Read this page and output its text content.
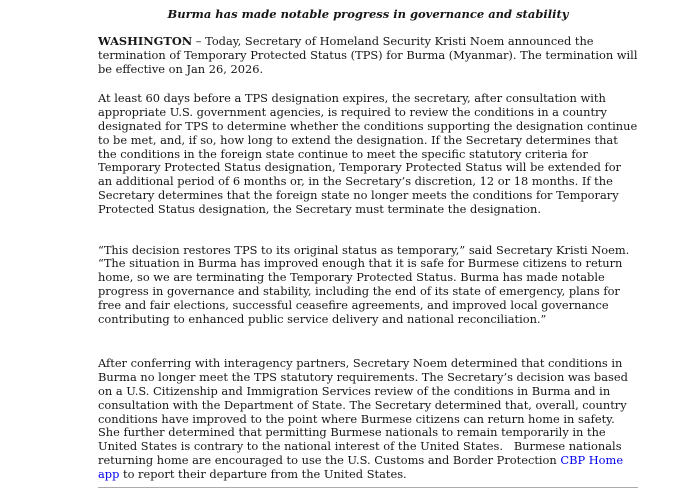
Burma has made notable progress in governance and stability

WASHINGTON – Today, Secretary of Homeland Security Kristi Noem announced the termination of Temporary Protected Status (TPS) for Burma (Myanmar). The termination will be effective on Jan 26, 2026.

At least 60 days before a TPS designation expires, the secretary, after consultation with appropriate U.S. government agencies, is required to review the conditions in a country designated for TPS to determine whether the conditions supporting the designation continue to be met, and, if so, how long to extend the designation. If the Secretary determines that the conditions in the foreign state continue to meet the specific statutory criteria for Temporary Protected Status designation, Temporary Protected Status will be extended for an additional period of 6 months or, in the Secretary’s discretion, 12 or 18 months. If the Secretary determines that the foreign state no longer meets the conditions for Temporary Protected Status designation, the Secretary must terminate the designation.

“This decision restores TPS to its original status as temporary,” said Secretary Kristi Noem. “The situation in Burma has improved enough that it is safe for Burmese citizens to return home, so we are terminating the Temporary Protected Status. Burma has made notable progress in governance and stability, including the end of its state of emergency, plans for free and fair elections, successful ceasefire agreements, and improved local governance contributing to enhanced public service delivery and national reconciliation.”

After conferring with interagency partners, Secretary Noem determined that conditions in Burma no longer meet the TPS statutory requirements. The Secretary’s decision was based on a U.S. Citizenship and Immigration Services review of the conditions in Burma and in consultation with the Department of State. The Secretary determined that, overall, country conditions have improved to the point where Burmese citizens can return home in safety. She further determined that permitting Burmese nationals to remain temporarily in the United States is contrary to the national interest of the United States.   Burmese nationals returning home are encouraged to use the U.S. Customs and Border Protection CBP Home app to report their departure from the United States.
